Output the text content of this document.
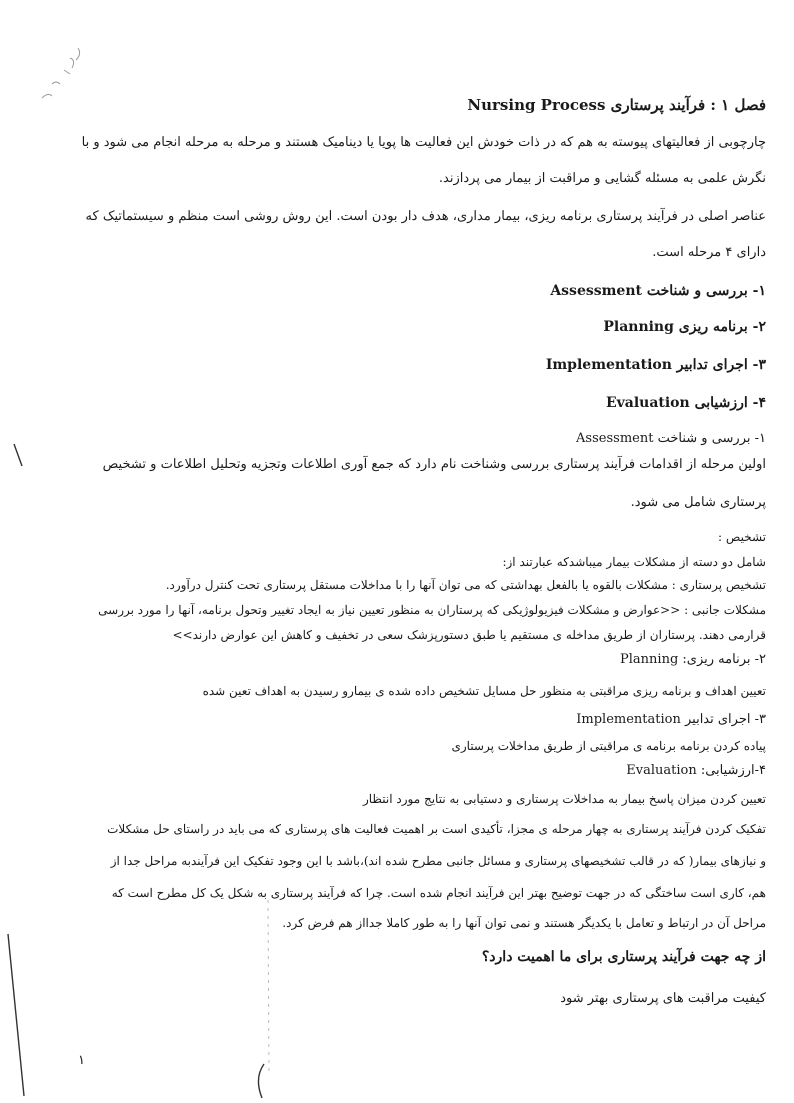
فصل ۱ : فرآیند پرستاری Nursing Process
چارچوبی از فعالیتهای پیوسته به هم که در ذات خودش این فعالیت ها پویا یا دینامیک هستند و مرحله به مرحله انجام می شود و با
نگرش علمی به مسئله گشایی و مراقبت از بیمار می پردازند.
عناصر اصلی در فرآیند پرستاری برنامه ریزی، بیمار مداری، هدف دار بودن است. این روش روشی است منظم و سیستماتیک که
دارای ۴ مرحله است.
۱- بررسی و شناخت Assessment
۲- برنامه ریزی Planning
۳- اجرای تدابیر Implementation
۴- ارزشیابی Evaluation
۱- بررسی و شناخت Assessment
اولین مرحله از اقدامات فرآیند پرستاری بررسی وشناخت نام دارد که جمع آوری اطلاعات وتجزیه وتحلیل اطلاعات و تشخیص
پرستاری شامل می شود.
تشخیص :
شامل دو دسته از مشکلات بیمار میباشدکه عبارتند از:
تشخیص پرستاری : مشکلات بالقوه یا بالفعل بهداشتی که می توان آنها را با مداخلات مستقل پرستاری تحت کنترل درآورد.
مشکلات جانبی : <<عوارض و مشکلات فیزیولوژیکی که پرستاران به منظور تعیین نیاز به ایجاد تغییر وتحول برنامه، آنها را مورد بررسی
قرارمی دهند. پرستاران از طریق مداخله ی مستقیم یا طبق دستورپزشک سعی در تخفیف و کاهش این عوارض دارند>>
۲- برنامه ریزی: Planning
تعیین اهداف و برنامه ریزی مراقبتی به منظور حل مسایل تشخیص داده شده ی بیمارو رسیدن به اهداف تعین شده
۳- اجرای تدابیر Implementation
پیاده کردن برنامه برنامه ی مراقبتی از طریق مداخلات پرستاری
۴-ارزشیابی: Evaluation
تعیین کردن میزان پاسخ بیمار به مداخلات پرستاری و دستیابی به نتایج مورد انتظار
تفکیک کردن فرآیند پرستاری به چهار مرحله ی مجزا، تأکیدی است بر اهمیت فعالیت های پرستاری که می باید در راستای حل مشکلات
و نیازهای بیمار( که در قالب تشخیصهای پرستاری و مسائل جانبی مطرح شده اند)،باشد با این وجود تفکیک این فرآیندبه مراحل جدا از
هم، کاری است ساختگی که در جهت توضیح بهتر این فرآیند انجام شده است. چرا که فرآیند پرستاری به شکل یک کل مطرح است که
مراحل آن در ارتباط و تعامل با یکدیگر هستند و نمی توان آنها را به طور کاملا جدااز هم فرض کرد.
از چه جهت فرآیند پرستاری برای ما اهمیت دارد؟
کیفیت مراقبت های پرستاری بهتر شود
۱
